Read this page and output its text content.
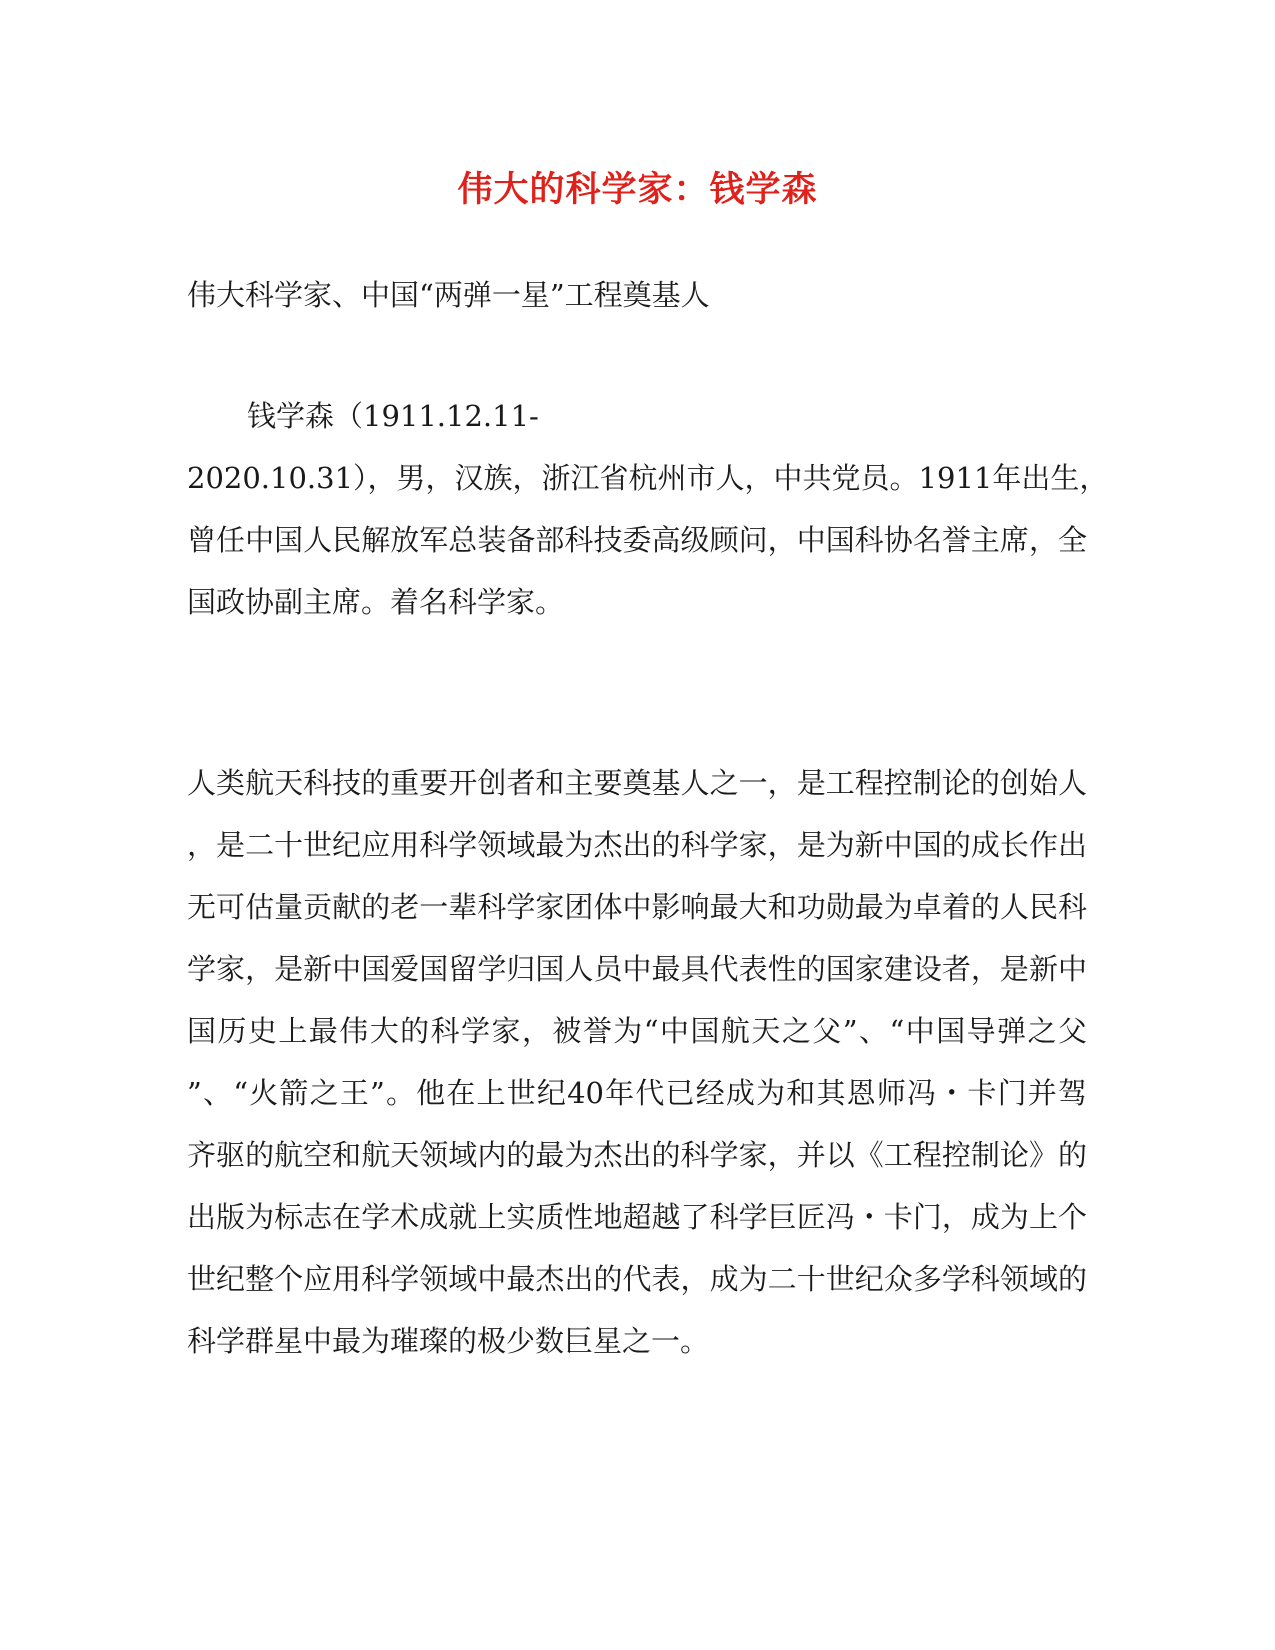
伟大的科学家：钱学森
伟大科学家、中国“两弹一星”工程奠基人
钱学森（1911.12.11-
2020.10.31），男，汉族，浙江省杭州市人，中共党员。1911年出生，
曾任中国人民解放军总装备部科技委高级顾问，中国科协名誉主席，全
国政协副主席。着名科学家。
人类航天科技的重要开创者和主要奠基人之一，是工程控制论的创始人
，是二十世纪应用科学领域最为杰出的科学家，是为新中国的成长作出
无可估量贡献的老一辈科学家团体中影响最大和功勋最为卓着的人民科
学家，是新中国爱国留学归国人员中最具代表性的国家建设者，是新中
国历史上最伟大的科学家，被誉为“中国航天之父”、“中国导弹之父
”、“火箭之王”。他在上世纪40年代已经成为和其恩师冯・卡门并驾
齐驱的航空和航天领域内的最为杰出的科学家，并以《工程控制论》的
出版为标志在学术成就上实质性地超越了科学巨匠冯・卡门，成为上个
世纪整个应用科学领域中最杰出的代表，成为二十世纪众多学科领域的
科学群星中最为璀璨的极少数巨星之一。
